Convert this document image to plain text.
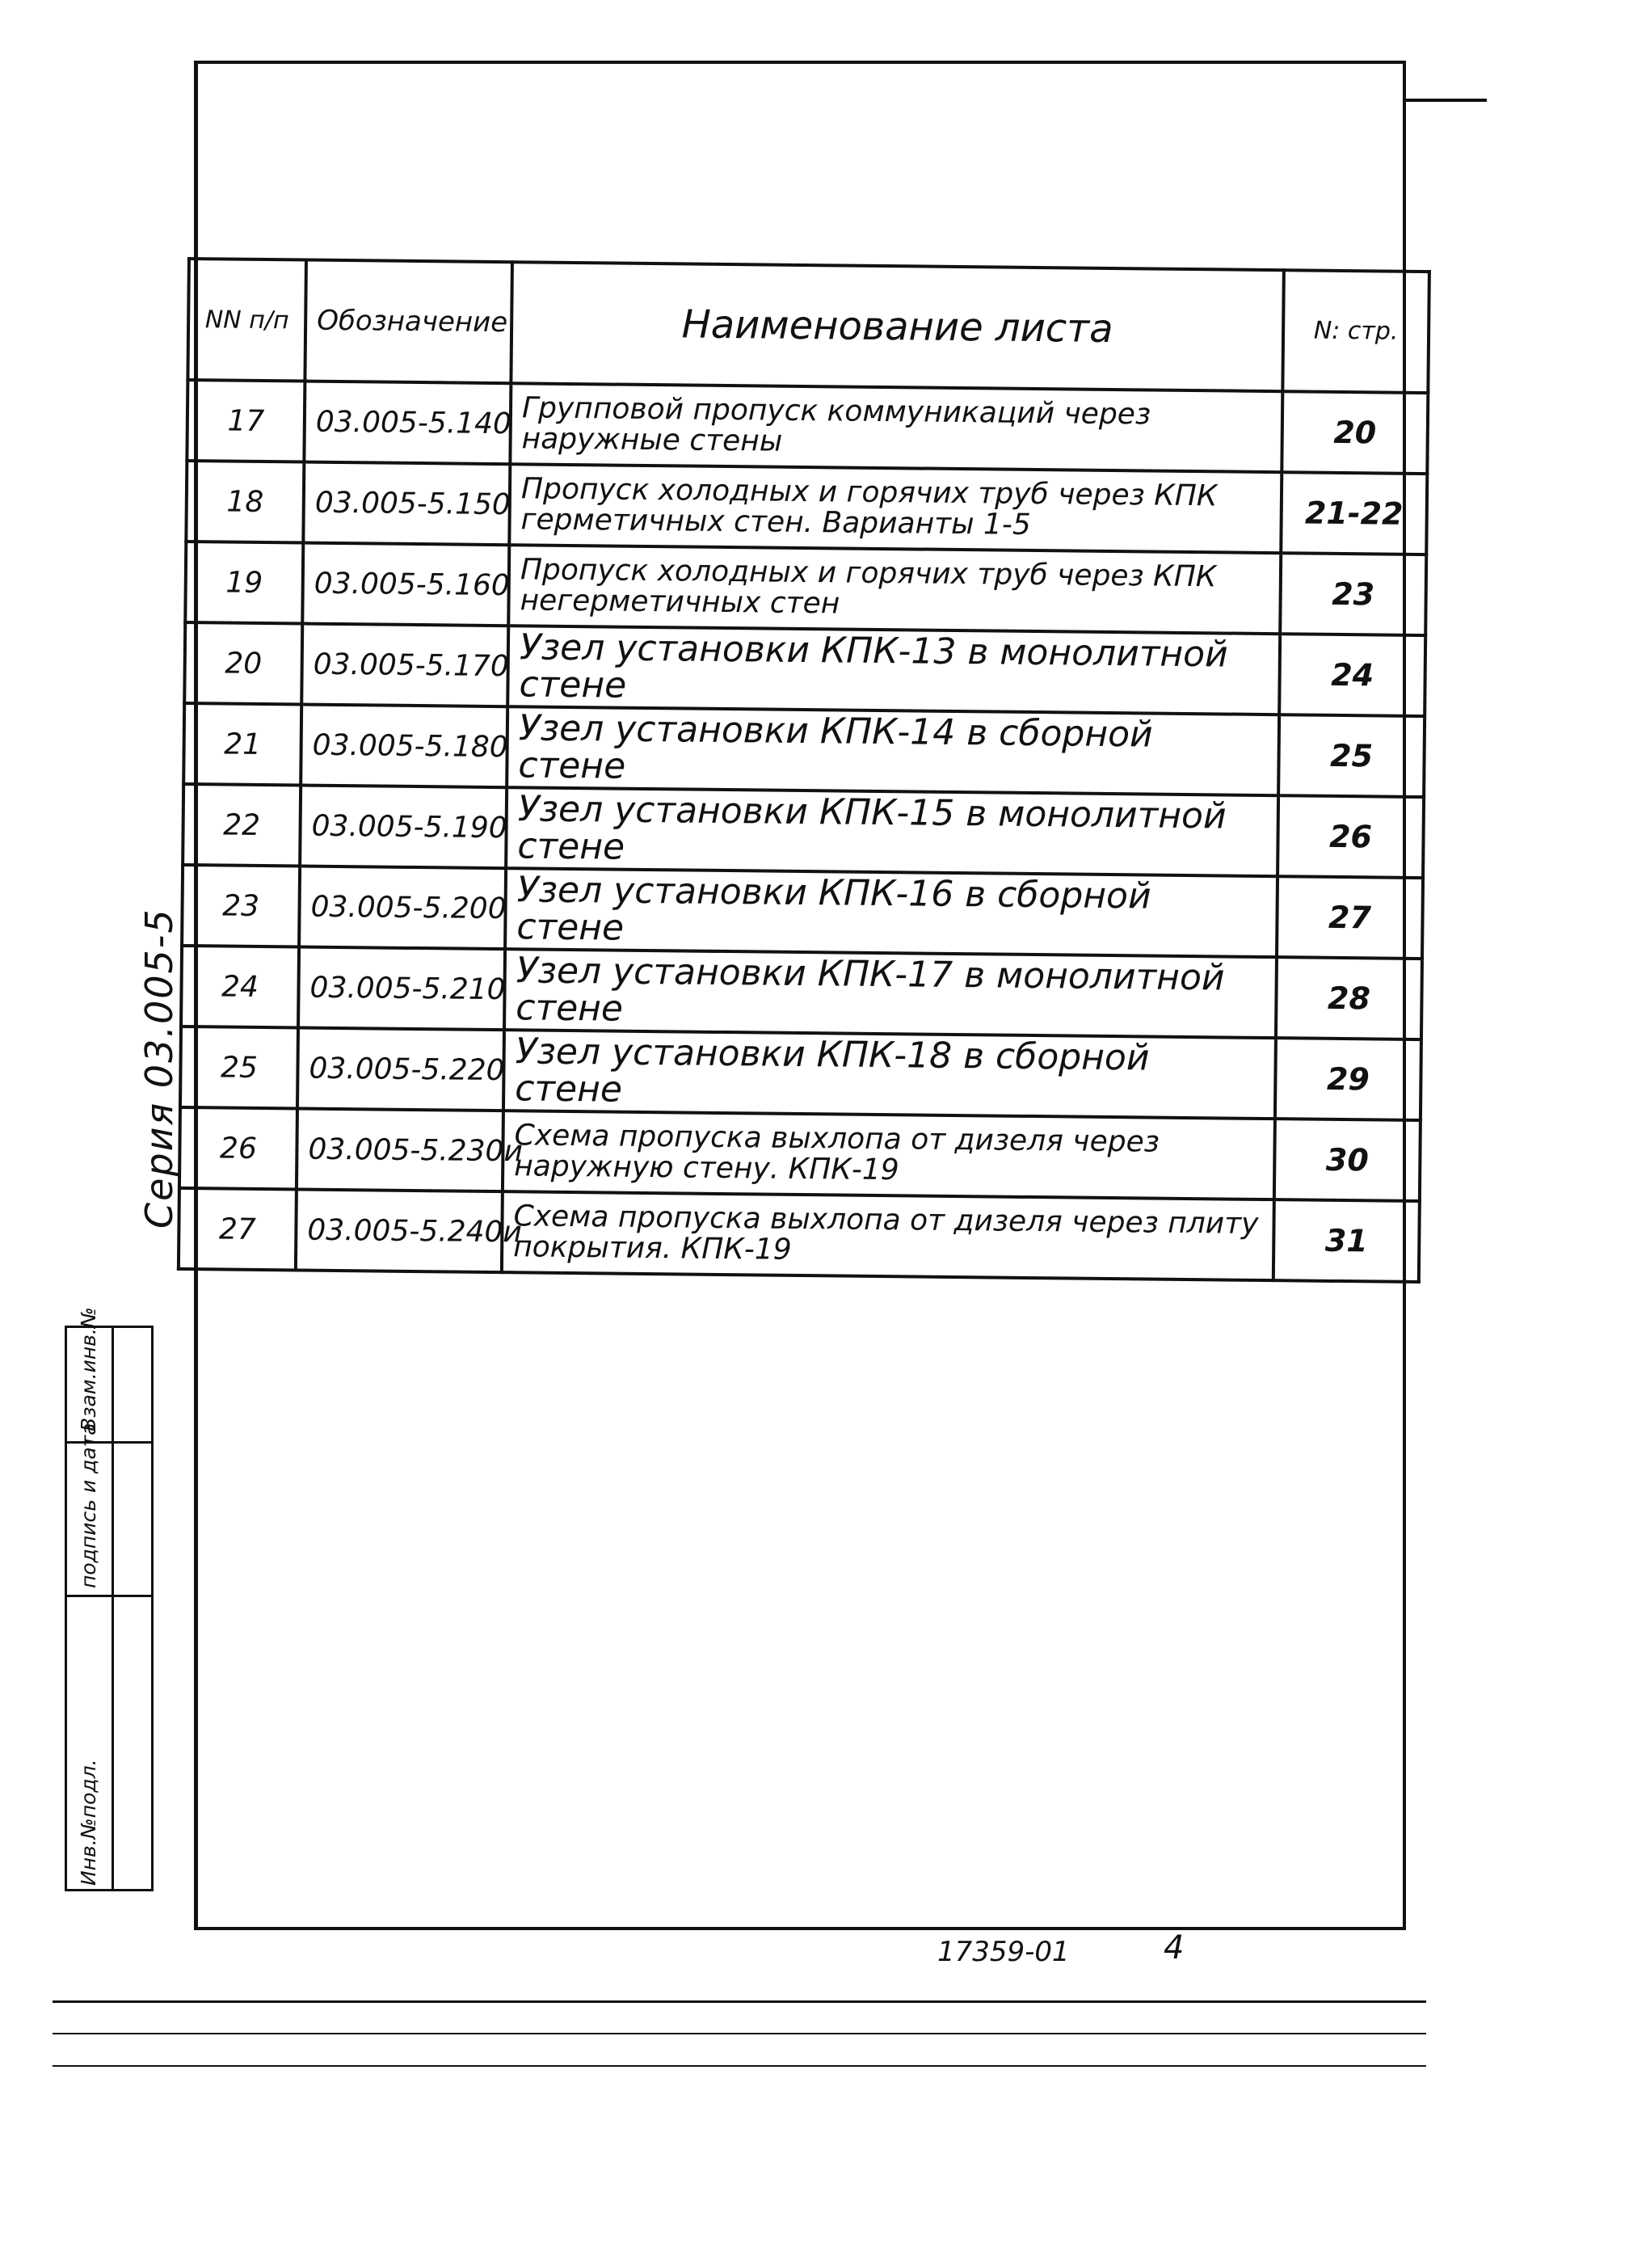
Серия 03.005-5
Взам.инв.№
подпись и дата
Инв.№подл.
NN п/п	Обозначение	Наименование листа	N: стр.
17	03.005-5.140	Групповой пропуск коммуникаций через наружные стены	20
18	03.005-5.150	Пропуск холодных и горячих труб через КПК герметичных стен. Варианты 1-5	21-22
19	03.005-5.160	Пропуск холодных и горячих труб через КПК негерметичных стен	23
20	03.005-5.170	Узел установки КПК-13 в монолитной стене	24
21	03.005-5.180	Узел установки КПК-14 в сборной стене	25
22	03.005-5.190	Узел установки КПК-15 в монолитной стене	26
23	03.005-5.200	Узел установки КПК-16 в сборной стене	27
24	03.005-5.210	Узел установки КПК-17 в монолитной стене	28
25	03.005-5.220	Узел установки КПК-18 в сборной стене	29
26	03.005-5.230и	Схема пропуска выхлопа от дизеля через наружную стену. КПК-19	30
27	03.005-5.240и	Схема пропуска выхлопа от дизеля через плиту покрытия. КПК-19	31
17359-01	4
